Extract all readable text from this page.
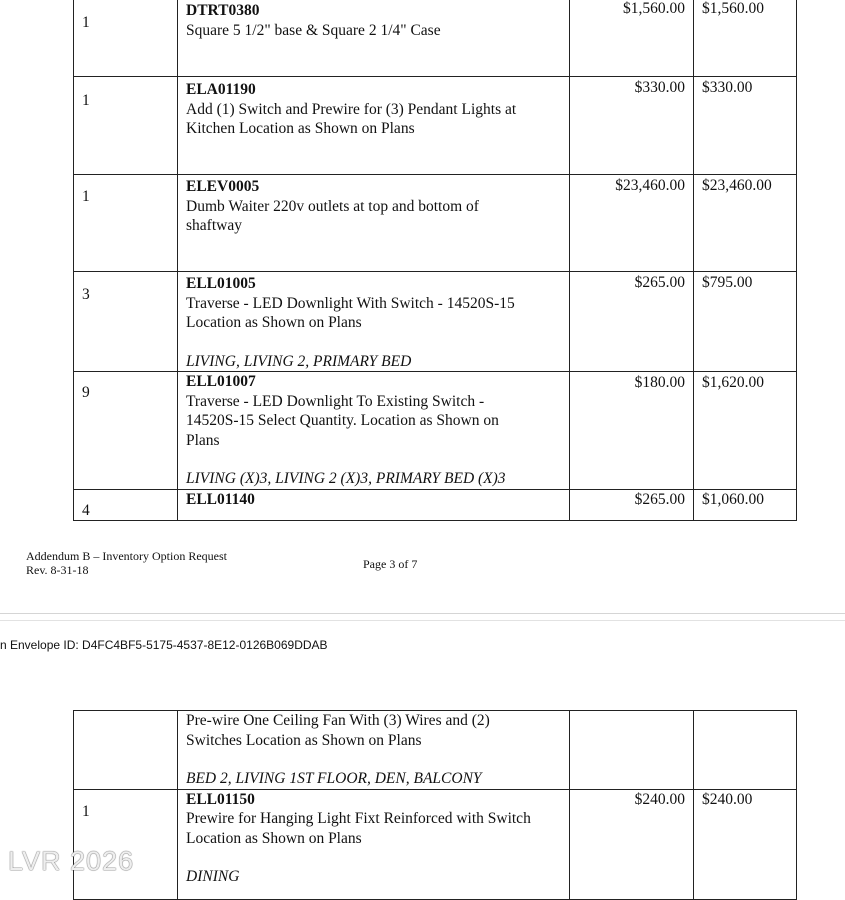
1	DTRT0380
Square 5 1/2" base & Square 2 1/4" Case	$1,560.00	$1,560.00
1	ELA01190
Add (1) Switch and Prewire for (3) Pendant Lights at
Kitchen Location as Shown on Plans	$330.00	$330.00
1	ELEV0005
Dumb Waiter 220v outlets at top and bottom of
shaftway	$23,460.00	$23,460.00
3	ELL01005
Traverse - LED Downlight With Switch - 14520S-15
Location as Shown on Plans
LIVING, LIVING 2, PRIMARY BED	$265.00	$795.00
9	ELL01007
Traverse - LED Downlight To Existing Switch -
14520S-15 Select Quantity. Location as Shown on
Plans
LIVING (X)3, LIVING 2 (X)3, PRIMARY BED (X)3	$180.00	$1,620.00
4	ELL01140	$265.00	$1,060.00
Addendum B – Inventory Option Request
Rev. 8-31-18	Page 3 of 7
n Envelope ID: D4FC4BF5-5175-4537-8E12-0126B069DDAB

	Pre-wire One Ceiling Fan With (3) Wires and (2)
Switches Location as Shown on Plans
BED 2, LIVING 1ST FLOOR, DEN, BALCONY		

1	ELL01150
Prewire for Hanging Light Fixt Reinforced with Switch
Location as Shown on Plans
DINING	$240.00	$240.00
LVR 2026
